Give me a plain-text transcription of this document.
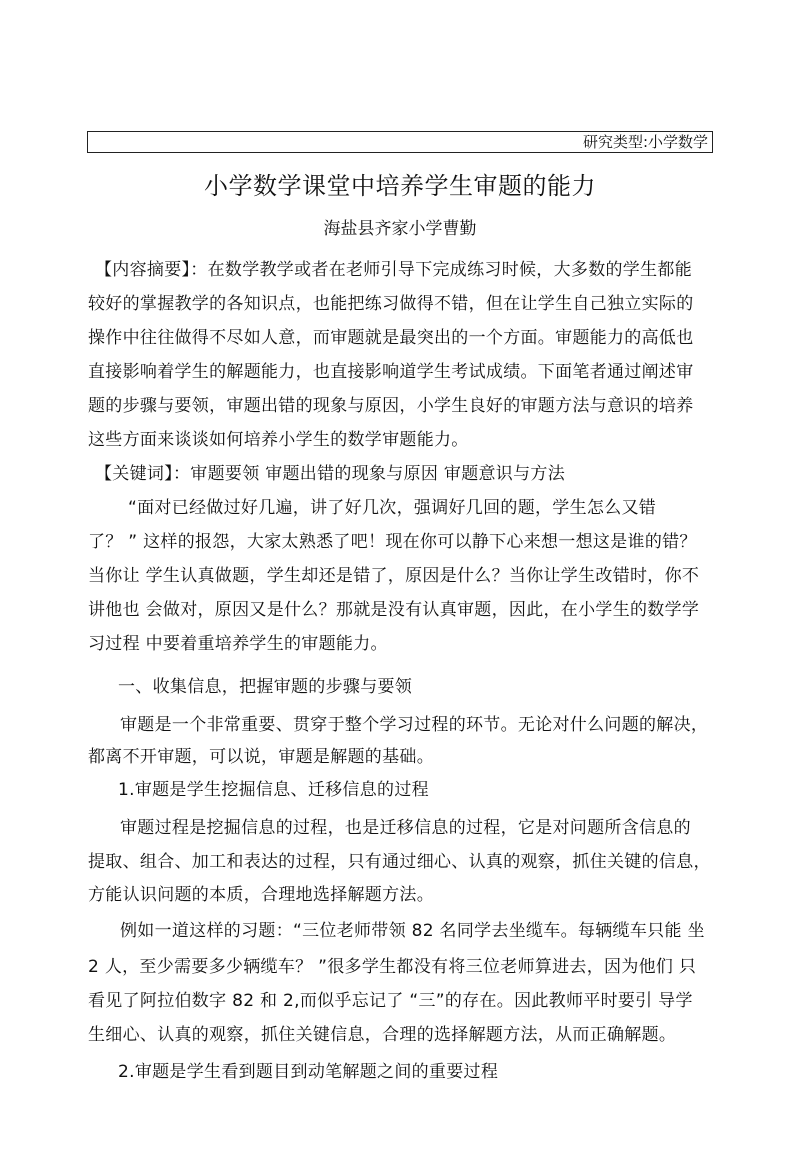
研究类型:小学数学
小学数学课堂中培养学生审题的能力
海盐县齐家小学曹勤
【内容摘要】：在数学教学或者在老师引导下完成练习时候，大多数的学生都能
较好的掌握教学的各知识点，也能把练习做得不错，但在让学生自己独立实际的
操作中往往做得不尽如人意，而审题就是最突出的一个方面。审题能力的高低也
直接影响着学生的解题能力，也直接影响道学生考试成绩。下面笔者通过阐述审
题的步骤与要领，审题出错的现象与原因，小学生良好的审题方法与意识的培养
这些方面来谈谈如何培养小学生的数学审题能力。
【关键词】：审题要领 审题出错的现象与原因 审题意识与方法
“面对已经做过好几遍，讲了好几次，强调好几回的题，学生怎么又错
了？ ” 这样的报怨，大家太熟悉了吧！现在你可以静下心来想一想这是谁的错？
当你让 学生认真做题，学生却还是错了，原因是什么？当你让学生改错时，你不
讲他也 会做对，原因又是什么？那就是没有认真审题，因此，在小学生的数学学
习过程 中要着重培养学生的审题能力。
一、收集信息，把握审题的步骤与要领
审题是一个非常重要、贯穿于整个学习过程的环节。无论对什么问题的解决，
都离不开审题，可以说，审题是解题的基础。
1.审题是学生挖掘信息、迁移信息的过程
审题过程是挖掘信息的过程，也是迁移信息的过程，它是对问题所含信息的
提取、组合、加工和表达的过程，只有通过细心、认真的观察，抓住关键的信息，
方能认识问题的本质，合理地选择解题方法。
例如一道这样的习题：“三位老师带领 82 名同学去坐缆车。每辆缆车只能 坐
2 人，至少需要多少辆缆车？ ”很多学生都没有将三位老师算进去，因为他们 只
看见了阿拉伯数字 82 和 2,而似乎忘记了 “三”的存在。因此教师平时要引 导学
生细心、认真的观察，抓住关键信息，合理的选择解题方法，从而正确解题。
2.审题是学生看到题目到动笔解题之间的重要过程
